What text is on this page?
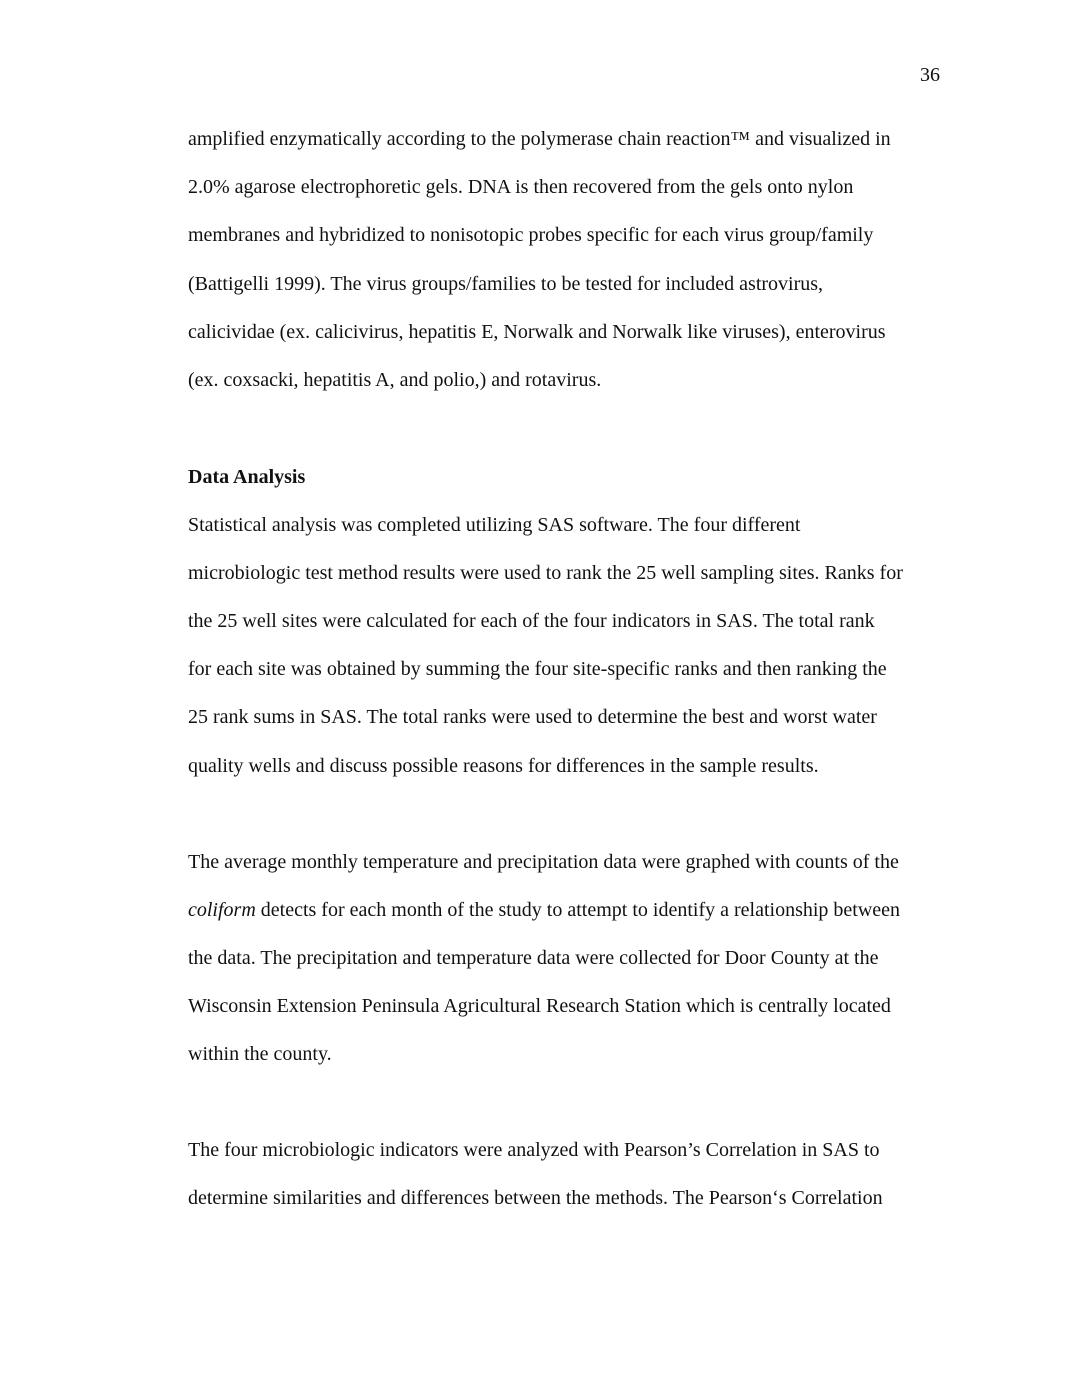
36
amplified enzymatically according to the polymerase chain reaction™ and visualized in
2.0% agarose electrophoretic gels. DNA is then recovered from the gels onto nylon
membranes and hybridized to nonisotopic probes specific for each virus group/family
(Battigelli 1999). The virus groups/families to be tested for included astrovirus,
calicividae (ex. calicivirus, hepatitis E, Norwalk and Norwalk like viruses), enterovirus
(ex. coxsacki, hepatitis A, and polio,) and rotavirus.
Data Analysis
Statistical analysis was completed utilizing SAS software. The four different
microbiologic test method results were used to rank the 25 well sampling sites. Ranks for
the 25 well sites were calculated for each of the four indicators in SAS. The total rank
for each site was obtained by summing the four site-specific ranks and then ranking the
25 rank sums in SAS. The total ranks were used to determine the best and worst water
quality wells and discuss possible reasons for differences in the sample results.
The average monthly temperature and precipitation data were graphed with counts of the
coliform detects for each month of the study to attempt to identify a relationship between
the data. The precipitation and temperature data were collected for Door County at the
Wisconsin Extension Peninsula Agricultural Research Station which is centrally located
within the county.
The four microbiologic indicators were analyzed with Pearson’s Correlation in SAS to
determine similarities and differences between the methods. The Pearson‘s Correlation
